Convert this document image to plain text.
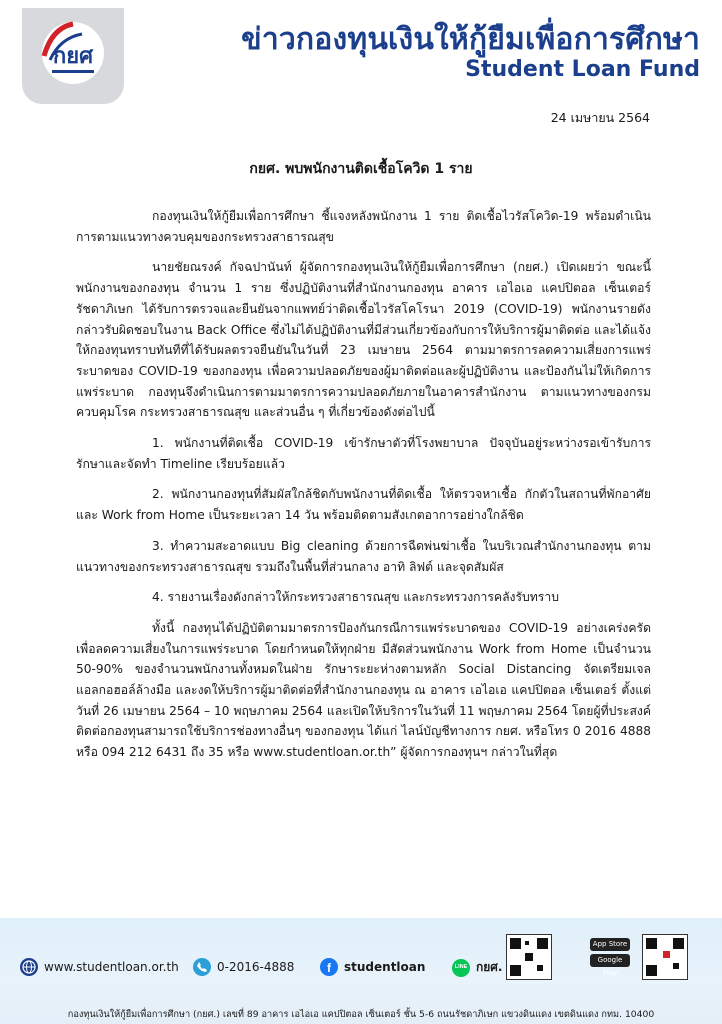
กยศ	ข่าวกองทุนเงินให้กู้ยืมเพื่อการศึกษา
Student Loan Fund
24 เมษายน 2564
กยศ. พบพนักงานติดเชื้อโควิด 1 ราย

กองทุนเงินให้กู้ยืมเพื่อการศึกษา ชี้แจงหลังพนักงาน 1 ราย ติดเชื้อไวรัสโควิด-19 พร้อมดำเนินการตามแนวทางควบคุมของกระทรวงสาธารณสุข

นายชัยณรงค์ กัจฉปานันท์ ผู้จัดการกองทุนเงินให้กู้ยืมเพื่อการศึกษา (กยศ.) เปิดเผยว่า ขณะนี้พนักงานของกองทุน จำนวน 1 ราย ซึ่งปฏิบัติงานที่สำนักงานกองทุน อาคาร เอไอเอ แคปปิตอล เซ็นเตอร์ รัชดาภิเษก ได้รับการตรวจและยืนยันจากแพทย์ว่าติดเชื้อไวรัสโคโรนา 2019 (COVID-19) พนักงานรายดังกล่าวรับผิดชอบในงาน Back Office ซึ่งไม่ได้ปฏิบัติงานที่มีส่วนเกี่ยวข้องกับการให้บริการผู้มาติดต่อ และได้แจ้งให้กองทุนทราบทันทีที่ได้รับผลตรวจยืนยันในวันที่ 23 เมษายน 2564 ตามมาตรการลดความเสี่ยงการแพร่ระบาดของ COVID-19 ของกองทุน เพื่อความปลอดภัยของผู้มาติดต่อและผู้ปฏิบัติงาน และป้องกันไม่ให้เกิดการแพร่ระบาด กองทุนจึงดำเนินการตามมาตรการความปลอดภัยภายในอาคารสำนักงาน ตามแนวทางของกรมควบคุมโรค กระทรวงสาธารณสุข และส่วนอื่น ๆ ที่เกี่ยวข้องดังต่อไปนี้

1. พนักงานที่ติดเชื้อ COVID-19 เข้ารักษาตัวที่โรงพยาบาล ปัจจุบันอยู่ระหว่างรอเข้ารับการรักษาและจัดทำ Timeline เรียบร้อยแล้ว

2. พนักงานกองทุนที่สัมผัสใกล้ชิดกับพนักงานที่ติดเชื้อ ให้ตรวจหาเชื้อ กักตัวในสถานที่พักอาศัย และ Work from Home เป็นระยะเวลา 14 วัน พร้อมติดตามสังเกตอาการอย่างใกล้ชิด

3. ทำความสะอาดแบบ Big cleaning ด้วยการฉีดพ่นฆ่าเชื้อ ในบริเวณสำนักงานกองทุน ตามแนวทางของกระทรวงสาธารณสุข รวมถึงในพื้นที่ส่วนกลาง อาทิ ลิฟต์ และจุดสัมผัส

4. รายงานเรื่องดังกล่าวให้กระทรวงสาธารณสุข และกระทรวงการคลังรับทราบ

ทั้งนี้ กองทุนได้ปฏิบัติตามมาตรการป้องกันกรณีการแพร่ระบาดของ COVID-19 อย่างเคร่งครัด เพื่อลดความเสี่ยงในการแพร่ระบาด โดยกำหนดให้ทุกฝ่าย มีสัดส่วนพนักงาน Work from Home เป็นจำนวน 50-90% ของจำนวนพนักงานทั้งหมดในฝ่าย รักษาระยะห่างตามหลัก Social Distancing จัดเตรียมเจลแอลกอฮอล์ล้างมือ และงดให้บริการผู้มาติดต่อที่สำนักงานกองทุน ณ อาคาร เอไอเอ แคปปิตอล เซ็นเตอร์ ตั้งแต่วันที่ 26 เมษายน 2564 – 10 พฤษภาคม 2564 และเปิดให้บริการในวันที่ 11 พฤษภาคม 2564 โดยผู้ที่ประสงค์ติดต่อกองทุนสามารถใช้บริการช่องทางอื่นๆ ของกองทุน ได้แก่ ไลน์บัญชีทางการ กยศ. หรือโทร 0 2016 4888 หรือ 094 212 6431 ถึง 35 หรือ www.studentloan.or.th” ผู้จัดการกองทุนฯ กล่าวในที่สุด

www.studentloan.or.th	0-2016-4888	f studentloan	LINE กยศ.
App Store
Google Play
กองทุนเงินให้กู้ยืมเพื่อการศึกษา (กยศ.) เลขที่ 89 อาคาร เอไอเอ แคปปิตอล เซ็นเตอร์ ชั้น 5-6 ถนนรัชดาภิเษก แขวงดินแดง เขตดินแดง กทม. 10400
